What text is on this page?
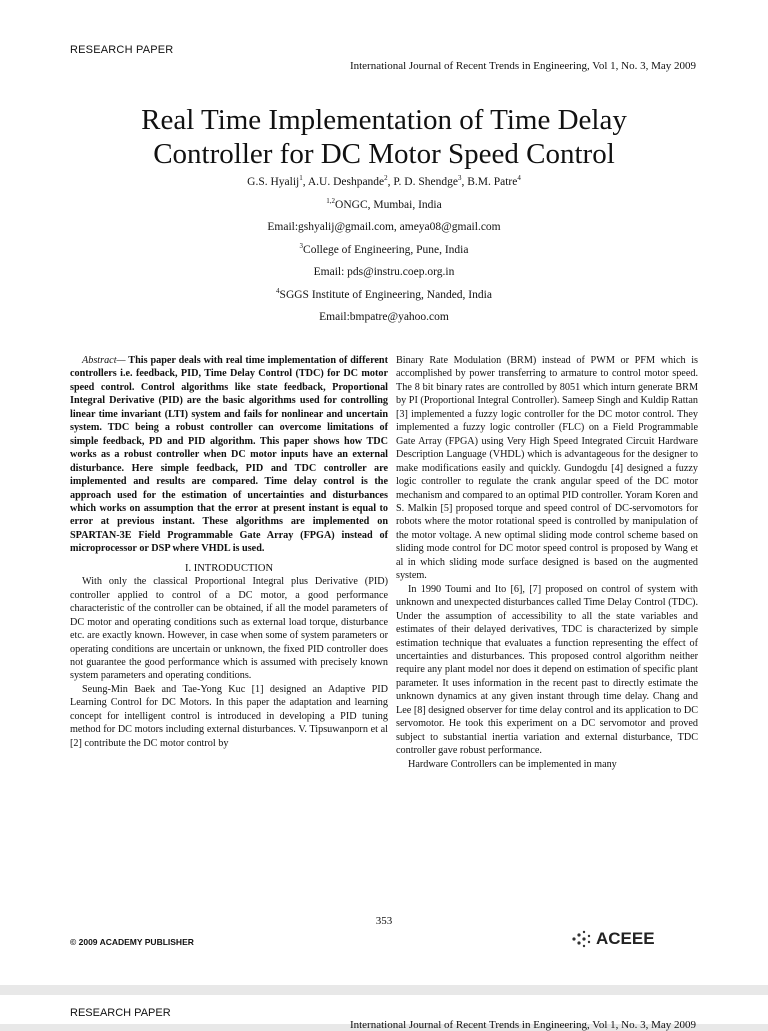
RESEARCH PAPER
International Journal of Recent Trends in Engineering, Vol 1, No. 3, May 2009
Real Time Implementation of Time Delay
Controller for DC Motor Speed Control
G.S. Hyalij$^1$, A.U. Deshpande$^2$, P. D. Shendge$^3$, B.M. Patre$^4$
$^{1,2}$ONGC, Mumbai, India
Email:gshyalij@gmail.com, ameya08@gmail.com
$^3$College of Engineering, Pune, India
Email: pds@instru.coep.org.in
$^4$SGGS Institute of Engineering, Nanded, India
Email:bmpatre@yahoo.com

Abstract— This paper deals with real time implementation of different controllers i.e. feedback, PID, Time Delay Control (TDC) for DC motor speed control. Control algorithms like state feedback, Proportional Integral Derivative (PID) are the basic algorithms used for controlling linear time invariant (LTI) system and fails for nonlinear and uncertain system. TDC being a robust controller can overcome limitations of simple feedback, PD and PID algorithm. This paper shows how TDC works as a robust controller when DC motor inputs have an external disturbance. Here simple feedback, PID and TDC controller are implemented and results are compared. Time delay control is the approach used for the estimation of uncertainties and disturbances which works on assumption that the error at present instant is equal to error at previous instant. These algorithms are implemented on SPARTAN-3E Field Programmable Gate Array (FPGA) instead of microprocessor or DSP where VHDL is used.

I. INTRODUCTION

With only the classical Proportional Integral plus Derivative (PID) controller applied to control of a DC motor, a good performance characteristic of the controller can be obtained, if all the model parameters of DC motor and operating conditions such as external load torque, disturbance etc. are exactly known. However, in case when some of system parameters or operating conditions are uncertain or unknown, the fixed PID controller does not guarantee the good performance which is assumed with precisely known system parameters and operating conditions.

Seung-Min Baek and Tae-Yong Kuc [1] designed an Adaptive PID Learning Control for DC Motors. In this paper the adaptation and learning concept for intelligent control is introduced in developing a PID tuning method for DC motors including external disturbances. V. Tipsuwanporn et al [2] contribute the DC motor control by

Binary Rate Modulation (BRM) instead of PWM or PFM which is accomplished by power transferring to armature to control motor speed. The 8 bit binary rates are controlled by 8051 which inturn generate BRM by PI (Proportional Integral Controller). Sameep Singh and Kuldip Rattan [3] implemented a fuzzy logic controller for the DC motor control. They implemented a fuzzy logic controller (FLC) on a Field Programmable Gate Array (FPGA) using Very High Speed Integrated Circuit Hardware Description Language (VHDL) which is advantageous for the designer to make modifications easily and quickly. Gundogdu [4] designed a fuzzy logic controller to regulate the crank angular speed of the DC motor mechanism and compared to an optimal PID controller. Yoram Koren and S. Malkin [5] proposed torque and speed control of DC-servomotors for robots where the motor rotational speed is controlled by manipulation of the motor voltage. A new optimal sliding mode control scheme based on sliding mode control for DC motor speed control is proposed by Wang et al in which sliding mode surface designed is based on the augmented system.

In 1990 Toumi and Ito [6], [7] proposed on control of system with unknown and unexpected disturbances called Time Delay Control (TDC). Under the assumption of accessibility to all the state variables and estimates of their delayed derivatives, TDC is characterized by simple estimation technique that evaluates a function representing the effect of uncertainties and disturbances. This proposed control algorithm neither require any plant model nor does it depend on estimation of specific plant parameter. It uses information in the recent past to directly estimate the unknown dynamics at any given instant through time delay. Chang and Lee [8] designed observer for time delay control and its application to DC servomotor. He took this experiment on a DC servomotor and proved subject to substantial inertia variation and external disturbance, TDC controller gave robust performance.

Hardware Controllers can be implemented in many

353
© 2009 ACADEMY PUBLISHER	ACEEE
RESEARCH PAPER
International Journal of Recent Trends in Engineering, Vol 1, No. 3, May 2009
